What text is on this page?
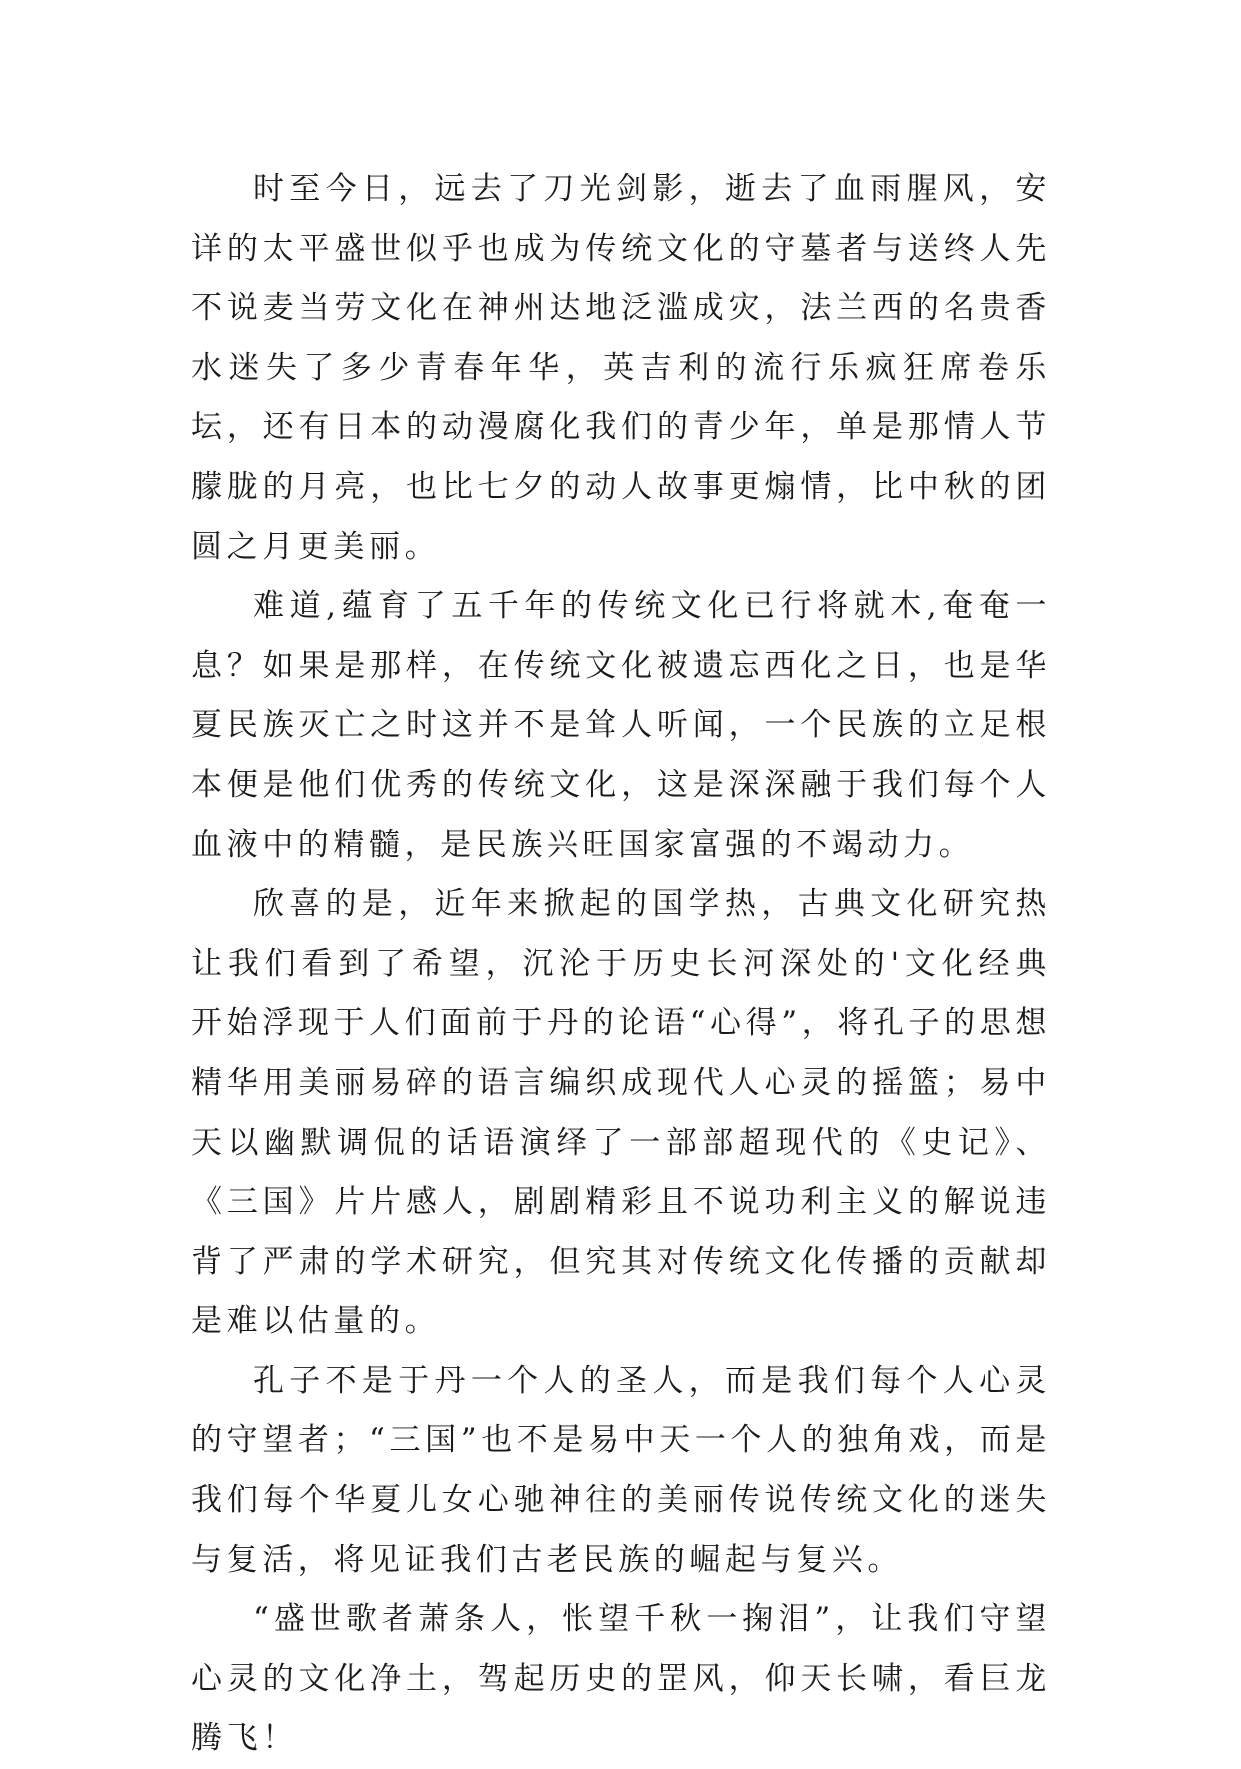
时至今日，远去了刀光剑影，逝去了血雨腥风，安详的太平盛世似乎也成为传统文化的守墓者与送终人先不说麦当劳文化在神州达地泛滥成灾，法兰西的名贵香水迷失了多少青春年华，英吉利的流行乐疯狂席卷乐坛，还有日本的动漫腐化我们的青少年，单是那情人节朦胧的月亮，也比七夕的动人故事更煽情，比中秋的团圆之月更美丽。

难道,蕴育了五千年的传统文化已行将就木,奄奄一息？如果是那样，在传统文化被遗忘西化之日，也是华夏民族灭亡之时这并不是耸人听闻，一个民族的立足根本便是他们优秀的传统文化，这是深深融于我们每个人血液中的精髓，是民族兴旺国家富强的不竭动力。

欣喜的是，近年来掀起的国学热，古典文化研究热让我们看到了希望，沉沦于历史长河深处的'文化经典开始浮现于人们面前于丹的论语“心得”，将孔子的思想精华用美丽易碎的语言编织成现代人心灵的摇篮；易中天以幽默调侃的话语演绎了一部部超现代的《史记》、《三国》片片感人，剧剧精彩且不说功利主义的解说违背了严肃的学术研究，但究其对传统文化传播的贡献却是难以估量的。

孔子不是于丹一个人的圣人，而是我们每个人心灵的守望者；“三国”也不是易中天一个人的独角戏，而是我们每个华夏儿女心驰神往的美丽传说传统文化的迷失与复活，将见证我们古老民族的崛起与复兴。

“盛世歌者萧条人，怅望千秋一掬泪”，让我们守望心灵的文化净土，驾起历史的罡风，仰天长啸，看巨龙腾飞！
